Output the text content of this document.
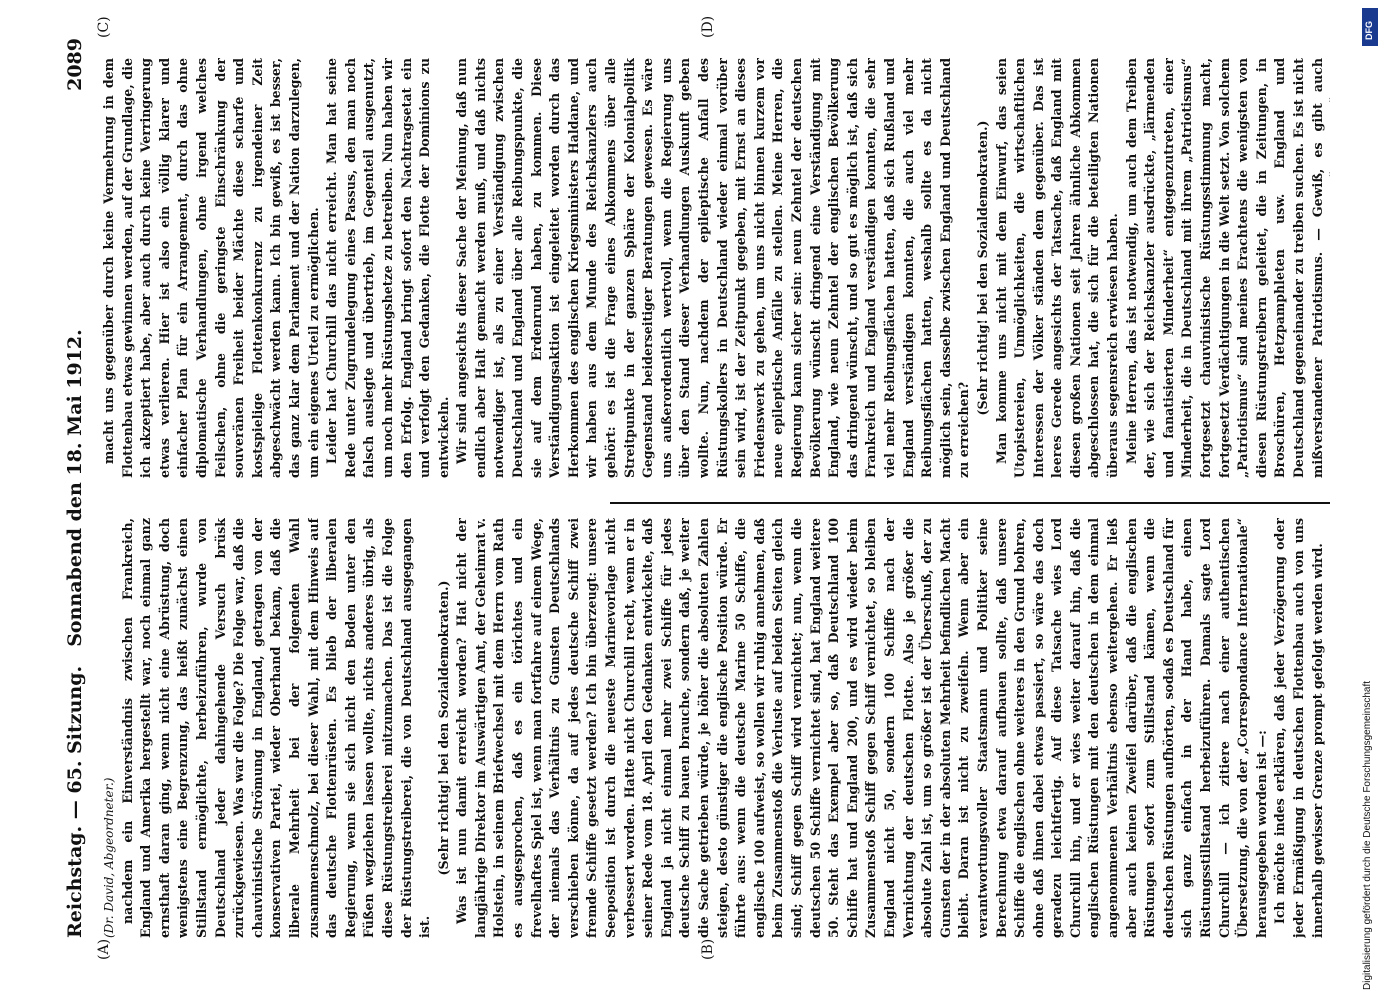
Reichstag. — 65. Sitzung.
Sonnabend den 18. Mai 1912.
2089
(A)	(B)
(C)	(D)

(Dr. David, Abgeordneter.) nachdem ein Einverständnis zwischen Frankreich, England und Amerika hergestellt war, noch einmal ganz ernsthaft daran ging, wenn nicht eine Abrüstung, doch wenigstens eine Begrenzung, das heißt zunächst einen Stillstand ermöglichte, herbeizuführen, wurde von Deutschland jeder dahingehende Versuch brüsk zurückgewiesen. Was war die Folge? Die Folge war, daß die chauvinistische Strömung in England, getragen von der konservativen Partei, wieder Oberhand bekam, daß die liberale Mehrheit bei der folgenden Wahl zusammenschmolz, bei dieser Wahl, mit dem Hinweis auf das deutsche Flottenrüsten. Es blieb der liberalen Regierung, wenn sie sich nicht den Boden unter den Füßen wegziehen lassen wollte, nichts anderes übrig, als diese Rüstungstreiberei mitzumachen. Das ist die Folge der Rüstungstreiberei, die von Deutschland ausgegangen ist.

(Sehr richtig! bei den Sozialdemokraten.) Was ist nun damit erreicht worden? Hat nicht der langjährige Direktor im Auswärtigen Amt, der Geheimrat v. Holstein, in seinem Briefwechsel mit dem Herrn vom Rath es ausgesprochen, daß es ein törichtes und ein frevelhaftes Spiel ist, wenn man fortfahre auf einem Wege, der niemals das Verhältnis zu Gunsten Deutschlands verschieben könne, da auf jedes deutsche Schiff zwei fremde Schiffe gesetzt werden? Ich bin überzeugt: unsere Seeposition ist durch die neueste Marinevorlage nicht verbessert worden. Hatte nicht Churchill recht, wenn er in seiner Rede vom 18. April den Gedanken entwickelte, daß England ja nicht einmal mehr zwei Schiffe für jedes deutsche Schiff zu bauen brauche, sondern daß, je weiter die Sache getrieben würde, je höher die absoluten Zahlen steigen, desto günstiger die englische Position würde. Er führte aus: wenn die deutsche Marine 50 Schiffe, die englische 100 aufweist, so wollen wir ruhig annehmen, daß beim Zusammenstoß die Verluste auf beiden Seiten gleich sind; Schiff gegen Schiff wird vernichtet; nun, wenn die deutschen 50 Schiffe vernichtet sind, hat England weitere 50. Steht das Exempel aber so, daß Deutschland 100 Schiffe hat und England 200, und es wird wieder beim Zusammenstoß Schiff gegen Schiff vernichtet, so bleiben England nicht 50, sondern 100 Schiffe nach der Vernichtung der deutschen Flotte. Also je größer die absolute Zahl ist, um so größer ist der Überschuß, der zu Gunsten der in der absoluten Mehrheit befindlichen Macht bleibt. Daran ist nicht zu zweifeln. Wenn aber ein verantwortungsvoller Staatsmann und Politiker seine Berechnung etwa darauf aufbauen sollte, daß unsere Schiffe die englischen ohne weiteres in den Grund bohren, ohne daß ihnen dabei etwas passiert, so wäre das doch geradezu leichtfertig. Auf diese Tatsache wies Lord Churchill hin, und er wies weiter darauf hin, daß die englischen Rüstungen mit den deutschen in dem einmal angenommenen Verhältnis ebenso weitergehen. Er ließ aber auch keinen Zweifel darüber, daß die englischen Rüstungen sofort zum Stillstand kämen, wenn die deutschen Rüstungen aufhörten, sodaß es Deutschland für sich ganz einfach in der Hand habe, einen Rüstungsstillstand herbeizuführen. Damals sagte Lord Churchill — ich zitiere nach einer authentischen Übersetzung, die von der „Correspondance Internationale“ herausgegeben worden ist —: Ich möchte indes erklären, daß jeder Verzögerung oder jeder Ermäßigung in deutschen Flottenbau auch von uns innerhalb gewisser Grenze prompt gefolgt werden wird.

macht uns gegenüber durch keine Vermehrung in dem Flottenbau etwas gewinnen werden, auf der Grundlage, die ich akzeptiert habe, aber auch durch keine Verringerung etwas verlieren. Hier ist also ein völlig klarer und einfacher Plan für ein Arrangement, durch das ohne diplomatische Verhandlungen, ohne irgend welches Feilschen, ohne die geringste Einschränkung der souveränen Freiheit beider Mächte diese scharfe und kostspielige Flottenkonkurrenz zu irgendeiner Zeit abgeschwächt werden kann. Ich bin gewiß, es ist besser, das ganz klar dem Parlament und der Nation darzulegen, um ein eigenes Urteil zu ermöglichen. Leider hat Churchill das nicht erreicht. Man hat seine Rede unter Zugrundelegung eines Passus, den man noch falsch auslegte und übertrieb, im Gegenteil ausgenutzt, um noch mehr Rüstungshetze zu betreiben. Nun haben wir den Erfolg. England bringt sofort den Nachtragsetat ein und verfolgt den Gedanken, die Flotte der Dominions zu entwickeln. Wir sind angesichts dieser Sache der Meinung, daß nun endlich aber Halt gemacht werden muß, und daß nichts notwendiger ist, als zu einer Verständigung zwischen Deutschland und England über alle Reibungspunkte, die sie auf dem Erdenrund haben, zu kommen. Diese Verständigungsaktion ist eingeleitet worden durch das Herkommen des englischen Kriegsministers Haldane, und wir haben aus dem Munde des Reichskanzlers auch gehört: es ist die Frage eines Abkommens über alle Streitpunkte in der ganzen Sphäre der Kolonialpolitik Gegenstand beiderseitiger Beratungen gewesen. Es wäre uns außerordentlich wertvoll, wenn die Regierung uns über den Stand dieser Verhandlungen Auskunft geben wollte. Nun, nachdem der epileptische Anfall des Rüstungskollers in Deutschland wieder einmal vorüber sein wird, ist der Zeitpunkt gegeben, mit Ernst an dieses Friedenswerk zu gehen, um uns nicht binnen kurzem vor neue epileptische Anfälle zu stellen. Meine Herren, die Regierung kann sicher sein: neun Zehntel der deutschen Bevölkerung wünscht dringend eine Verständigung mit England, wie neun Zehntel der englischen Bevölkerung das dringend wünscht, und so gut es möglich ist, daß sich Frankreich und England verständigen konnten, die sehr viel mehr Reibungsflächen hatten, daß sich Rußland und England verständigen konnten, die auch viel mehr Reibungsflächen hatten, weshalb sollte es da nicht möglich sein, dasselbe zwischen England und Deutschland zu erreichen?

(Sehr richtig! bei den Sozialdemokraten.) Man komme uns nicht mit dem Einwurf, das seien Utopistereien, Unmöglichkeiten, die wirtschaftlichen Interessen der Völker ständen dem gegenüber. Das ist leeres Gerede angesichts der Tatsache, daß England mit diesen großen Nationen seit Jahren ähnliche Abkommen abgeschlossen hat, die sich für die beteiligten Nationen überaus segensreich erwiesen haben. Meine Herren, das ist notwendig, um auch dem Treiben der, wie sich der Reichskanzler ausdrückte, „lärmenden und fanatisierten Minderheit“ entgegenzutreten, einer Minderheit, die in Deutschland mit ihrem „Patriotismus“ fortgesetzt chauvinistische Rüstungsstimmung macht, fortgesetzt Verdächtigungen in die Welt setzt. Von solchem „Patriotismus“ sind meines Erachtens die wenigsten von diesen Rüstungstreibern geleitet, die in Zeitungen, in Broschüren, Hetzpamphleten usw. England und Deutschland gegeneinander zu treiben suchen. Es ist nicht mißverstandener Patriotismus. — Gewiß, es gibt auch

Digitalisierung gefördert durch die Deutsche Forschungsgemeinschaft
DFG
